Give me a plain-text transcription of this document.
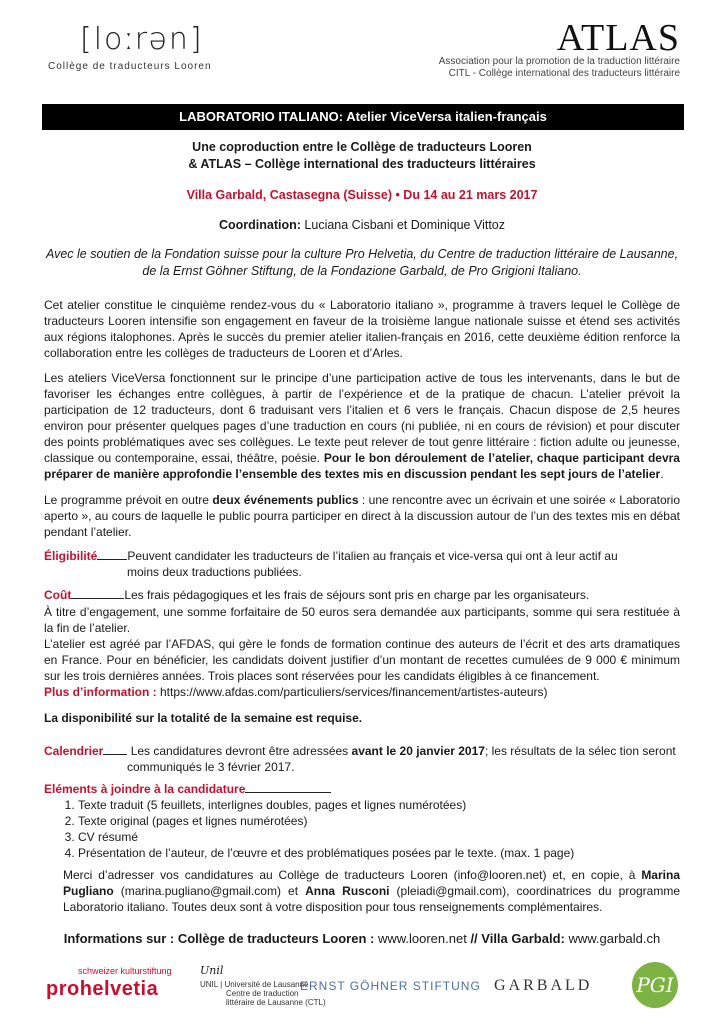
[loːrən]
Collège de traducteurs Looren
ATLAS
Association pour la promotion de la traduction littéraire
CITL - Collège international des traducteurs littéraire
LABORATORIO ITALIANO: Atelier ViceVersa italien-français
Une coproduction entre le Collège de traducteurs Looren
& ATLAS – Collège international des traducteurs littéraires
Villa Garbald, Castasegna (Suisse) • Du 14 au 21 mars 2017
Coordination: Luciana Cisbani et Dominique Vittoz
Avec le soutien de la Fondation suisse pour la culture Pro Helvetia, du Centre de traduction littéraire de Lausanne,
de la Ernst Göhner Stiftung, de la Fondazione Garbald, de Pro Grigioni Italiano.
Cet atelier constitue le cinquième rendez-vous du « Laboratorio italiano », programme à travers lequel le Collège de traducteurs Looren intensifie son engagement en faveur de la troisième langue nationale suisse et étend ses activités aux régions italophones. Après le succès du premier atelier italien-français en 2016, cette deuxième édition renforce la collaboration entre les collèges de traducteurs de Looren et d’Arles.
Les ateliers ViceVersa fonctionnent sur le principe d’une participation active de tous les intervenants, dans le but de favoriser les échanges entre collègues, à partir de l’expérience et de la pratique de chacun. L’atelier prévoit la participation de 12 traducteurs, dont 6 traduisant vers l’italien et 6 vers le français. Chacun dispose de 2,5 heures environ pour présenter quelques pages d’une traduction en cours (ni publiée, ni en cours de révision) et pour discuter des points problématiques avec ses collègues. Le texte peut relever de tout genre littéraire : fiction adulte ou jeunesse, classique ou contemporaine, essai, théâtre, poésie. Pour le bon déroulement de l’atelier, chaque participant devra préparer de manière approfondie l’ensemble des textes mis en discussion pendant les sept jours de l’atelier.
Le programme prévoit en outre deux événements publics : une rencontre avec un écrivain et une soirée « Laboratorio aperto », au cours de laquelle le public pourra participer en direct à la discussion autour de l’un des textes mis en débat pendant l’atelier.
Éligibilité	Peuvent candidater les traducteurs de l’italien au français et vice-versa qui ont à leur actif au
moins deux traductions publiées.
Coût	Les frais pédagogiques et les frais de séjours sont pris en charge par les organisateurs.
À titre d’engagement, une somme forfaitaire de 50 euros sera demandée aux participants, somme qui sera restituée à la fin de l’atelier.
L’atelier est agréé par l’AFDAS, qui gère le fonds de formation continue des auteurs de l’écrit et des arts dramatiques en France. Pour en bénéficier, les candidats doivent justifier d’un montant de recettes cumulées de 9 000 € minimum sur les trois dernières années. Trois places sont réservées pour les candidats éligibles à ce financement.
Plus d’information : https://www.afdas.com/particuliers/services/financement/artistes-auteurs)
La disponibilité sur la totalité de la semaine est requise.
Calendrier Les candidatures devront être adressées avant le 20 janvier 2017; les résultats de la sélec tion seront
communiqués le 3 février 2017.
Eléments à joindre à la candidature
1. Texte traduit (5 feuillets, interlignes doubles, pages et lignes numérotées)
2. Texte original (pages et lignes numérotées)
3. CV résumé
4. Présentation de l’auteur, de l’œuvre et des problématiques posées par le texte. (max. 1 page)
Merci d’adresser vos candidatures au Collège de traducteurs Looren (info@looren.net) et, en copie, à Marina Pugliano (marina.pugliano@gmail.com) et Anna Rusconi (pleiadi@gmail.com), coordinatrices du programme Laboratorio italiano. Toutes deux sont à votre disposition pour tous renseignements complémentaires.
Informations sur : Collège de traducteurs Looren : www.looren.net // Villa Garbald: www.garbald.ch
schweizer kulturstiftung
prohelvetia
Unil
UNIL | Université de Lausanne
Centre de traduction
littéraire de Lausanne (CTL)
ERNST GÖHNER STIFTUNG GARBALD PGI
